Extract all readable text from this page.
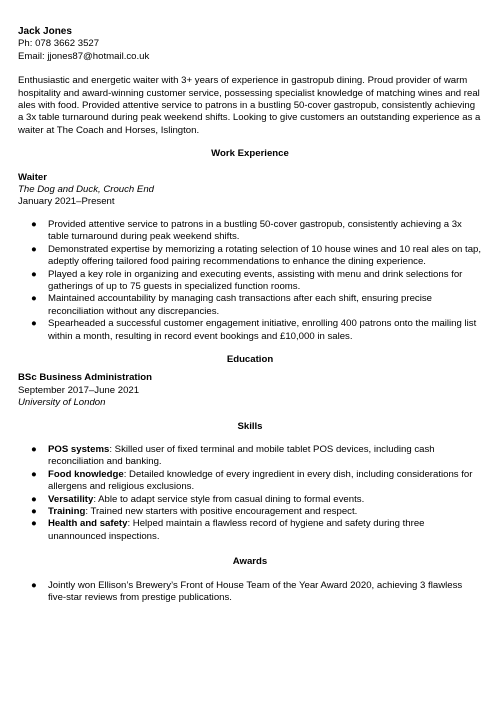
Jack Jones

Ph: 078 3662 3527

Email: jjones87@hotmail.co.uk

Enthusiastic and energetic waiter with 3+ years of experience in gastropub dining. Proud provider of warm hospitality and award-winning customer service, possessing specialist knowledge of matching wines and real ales with food. Provided attentive service to patrons in a bustling 50-cover gastropub, consistently achieving a 3x table turnaround during peak weekend shifts. Looking to give customers an outstanding experience as a waiter at The Coach and Horses, Islington.

Work Experience

Waiter

The Dog and Duck, Crouch End

January 2021–Present

● Provided attentive service to patrons in a bustling 50-cover gastropub, consistently achieving a 3x table turnaround during peak weekend shifts.
● Demonstrated expertise by memorizing a rotating selection of 10 house wines and 10 real ales on tap, adeptly offering tailored food pairing recommendations to enhance the dining experience.
● Played a key role in organizing and executing events, assisting with menu and drink selections for gatherings of up to 75 guests in specialized function rooms.
● Maintained accountability by managing cash transactions after each shift, ensuring precise reconciliation without any discrepancies.
● Spearheaded a successful customer engagement initiative, enrolling 400 patrons onto the mailing list within a month, resulting in record event bookings and £10,000 in sales.
Education

BSc Business Administration

September 2017–June 2021

University of London

Skills
● POS systems: Skilled user of fixed terminal and mobile tablet POS devices, including cash reconciliation and banking.
● Food knowledge: Detailed knowledge of every ingredient in every dish, including considerations for allergens and religious exclusions.
● Versatility: Able to adapt service style from casual dining to formal events.
● Training: Trained new starters with positive encouragement and respect.
● Health and safety: Helped maintain a flawless record of hygiene and safety during three unannounced inspections.
Awards
● Jointly won Ellison’s Brewery’s Front of House Team of the Year Award 2020, achieving 3 flawless five-star reviews from prestige publications.
